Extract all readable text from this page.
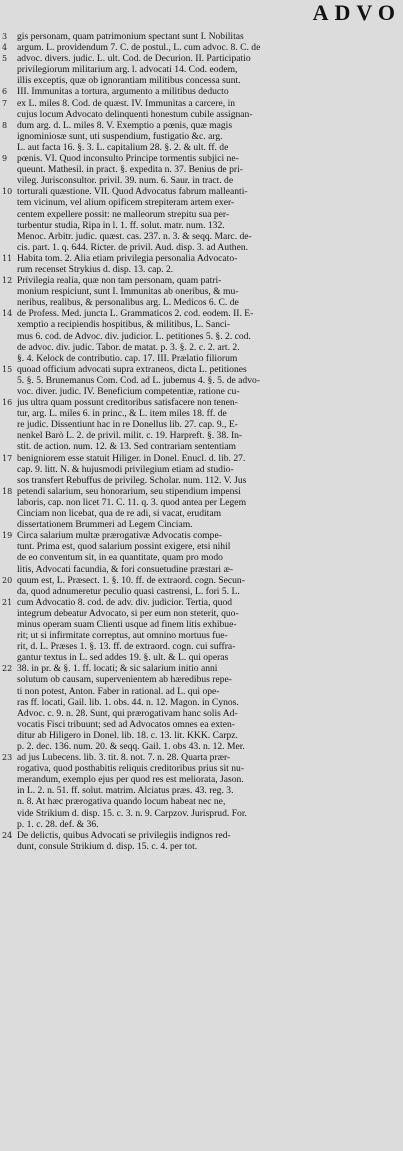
ADVO
3 gis personam, quam patrimonium spectant sunt I. Nobilitas
4 argum. L. providendum 7. C. de postul., L. cum advoc. 8. C. de
5 advoc. divers. judic. L. ult. Cod. de Decurion. II. Participatio
privilegiorum militarium arg. l. advocati 14. Cod. eodem,
illis exceptis, quæ ob ignorantiam militibus concessa sunt.
6 III. Immunitas a tortura, argumento a militibus deducto
7 ex L. miles 8. Cod. de quæst. IV. Immunitas a carcere, in
cujus locum Advocato delinquenti honestum cubile assignan-
8 dum arg. d. L. miles 8. V. Exemptio a pœnis, quæ magis
ignominiosæ sunt, uti suspendium, fustigatio &c. arg.
L. aut facta 16. §. 3. L. capitalium 28. §. 2. & ult. ff. de
9 pœnis. VI. Quod inconsulto Principe tormentis subjici ne-
queunt. Mathesil. in pract. §. expedita n. 37. Benius de pri-
vileg. Jurisconsultor. privil. 39. num. 6. Saur. in tract. de
10 torturali quæstione. VII. Quod Advocatus fabrum malleanti-
tem vicinum, vel alium opificem strepiteram artem exer-
centem expellere possit: ne malleorum strepitu sua per-
turbentur studia, Ripa in l. 1. ff. solut. matr. num. 132.
Menoc. Arbitr. judic. quæst. cas. 237. n. 3. & seqq. Marc. de-
cis. part. 1. q. 644. Ricter. de privil. Aud. disp. 3. ad Authen.
11 Habita tom. 2. Alia etiam privilegia personalia Advocato-
rum recenset Strykius d. disp. 13. cap. 2.
12 Privilegia realia, quæ non tam personam, quam patri-
monium respiciunt, sunt I. Immunitas ab oneribus, & mu-
neribus, realibus, & personalibus arg. L. Medicos 6. C. de
14 de Profess. Med. juncta L. Grammaticos 2. cod. eodem. II. E-
xemptio a recipiendis hospitibus, & militibus, L. Sanci-
mus 6. cod. de Advoc. div. judicior. L. petitiones 5. §. 2. cod.
de advoc. div. judic. Tabor. de matat. p. 3. §. 2. c. 2. art. 2.
§. 4. Kelock de contributio. cap. 17. III. Prælatio filiorum
15 quoad officium advocati supra extraneos, dicta L. petitiones
5. §. 5. Brunemanus Com. Cod. ad L. jubemus 4. §. 5. de advo-
voc. diver. judic. IV. Beneficium competentiæ, ratione cu-
16 jus ultra quam possunt creditoribus satisfacere non tenen-
tur, arg. L. miles 6. in princ., & L. item miles 18. ff. de
re judic. Dissentiunt hac in re Donellus lib. 27. cap. 9., E-
nenkel Barò L. 2. de privil. milit. c. 19. Harpreft. §. 38. In-
stit. de action. num. 12. & 13. Sed contrariam sententiam
17 benigniorem esse statuit Hiliger. in Donel. Enucl. d. lib. 27.
cap. 9. litt. N. & hujusmodi privilegium etiam ad studio-
sos transfert Rebuffus de privileg. Scholar. num. 112. V. Jus
18 petendi salarium, seu honorarium, seu stipendium impensi
laboris, cap. non licet 71. C. 11. q. 3. quod antea per Legem
Cinciam non licebat, qua de re adi, si vacat, eruditam
dissertationem Brummeri ad Legem Cinciam.
19 Circa salarium multæ prærogativæ Advocatis compe-
tunt. Prima est, quod salarium possint exigere, etsi nihil
de eo conventum sit, in ea quantitate, quam pro modo
litis, Advocati facundia, & fori consuetudine præstari æ-
20 quum est, L. Præsect. 1. §. 10. ff. de extraord. cogn. Secun-
da, quod adnumeretur peculio quasi castrensi, L. fori 5. L.
21 cum Advocatio 8. cod. de adv. div. judicior. Tertia, quod
integrum debeatur Advocato, si per eum non steterit, quo-
minus operam suam Clienti usque ad finem litis exhibue-
rit; ut si infirmitate correptus, aut omnino mortuus fue-
rit, d. L. Præses 1. §. 13. ff. de extraord. cogn. cui suffra-
gantur textus in L. sed addes 19. §. ult. & L. qui operas
22 38. in pr. & §. 1. ff. locati; & sic salarium initio anni
solutum ob causam, supervenientem ab hæredibus repe-
ti non potest, Anton. Faber in rational. ad L. qui ope-
ras ff. locati, Gail. lib. 1. obs. 44. n. 12. Magon. in Cynos.
Advoc. c. 9. n. 28. Sunt, qui prærogativam hanc solis Ad-
vocatis Fisci tribuunt; sed ad Advocatos omnes ea exten-
ditur ab Hiligero in Donel. lib. 18. c. 13. lit. KKK. Carpz.
p. 2. dec. 136. num. 20. & seqq. Gail. 1. obs 43. n. 12. Mer.
23 ad jus Lubecens. lib. 3. tit. 8. not. 7. n. 28. Quarta prær-
rogativa, quod posthabitis reliquis creditoribus prius sit nu-
merandum, exemplo ejus per quod res est meliorata, Jason.
in L. 2. n. 51. ff. solut. matrim. Alciatus præs. 43. reg. 3.
n. 8. At hæc prærogativa quando locum habeat nec ne,
vide Strikium d. disp. 15. c. 3. n. 9. Carpzov. Jurisprud. For.
p. 1. c. 28. def. & 36.
24 De delictis, quibus Advocati se privilegiis indignos red-
dunt, consule Strikium d. disp. 15. c. 4. per tot.
